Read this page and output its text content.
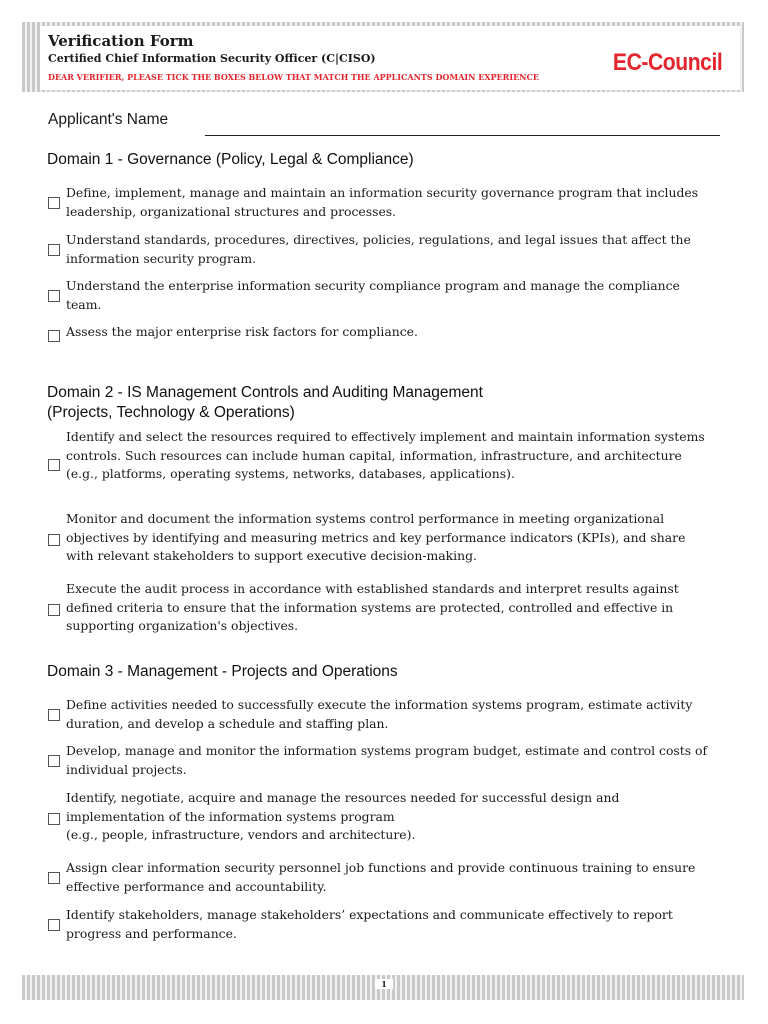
Verification Form
Certified Chief Information Security Officer (C|CISO)
DEAR VERIFIER, PLEASE TICK THE BOXES BELOW THAT MATCH THE APPLICANTS DOMAIN EXPERIENCE
EC-Council
Applicant's Name
Domain 1 - Governance (Policy, Legal & Compliance)
Define, implement, manage and maintain an information security governance program that includes
leadership, organizational structures and processes.
Understand standards, procedures, directives, policies, regulations, and legal issues that affect the
information security program.
Understand the enterprise information security compliance program and manage the compliance
team.
Assess the major enterprise risk factors for compliance.
Domain 2 - IS Management Controls and Auditing Management
(Projects, Technology & Operations)
Identify and select the resources required to effectively implement and maintain information systems
controls. Such resources can include human capital, information, infrastructure, and architecture
(e.g., platforms, operating systems, networks, databases, applications).
Monitor and document the information systems control performance in meeting organizational
objectives by identifying and measuring metrics and key performance indicators (KPIs), and share
with relevant stakeholders to support executive decision-making.
Execute the audit process in accordance with established standards and interpret results against
defined criteria to ensure that the information systems are protected, controlled and effective in
supporting organization's objectives.
Domain 3 - Management - Projects and Operations
Define activities needed to successfully execute the information systems program, estimate activity
duration, and develop a schedule and staffing plan.
Develop, manage and monitor the information systems program budget, estimate and control costs of
individual projects.
Identify, negotiate, acquire and manage the resources needed for successful design and
implementation of the information systems program
(e.g., people, infrastructure, vendors and architecture).
Assign clear information security personnel job functions and provide continuous training to ensure
effective performance and accountability.
Identify stakeholders, manage stakeholders’ expectations and communicate effectively to report
progress and performance.
1
